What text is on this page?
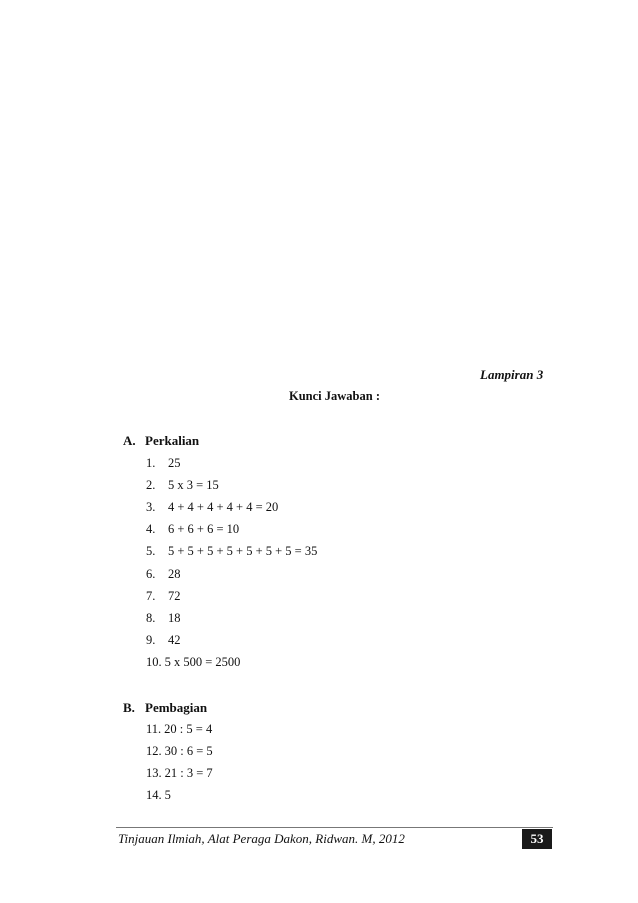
Lampiran 3
Kunci Jawaban :
A. Perkalian
1. 25
2. 5 x 3 = 15
3. 4 + 4 + 4 + 4 + 4 = 20
4. 6 + 6 + 6 = 10
5. 5 + 5 + 5 + 5 + 5 + 5 + 5 = 35
6. 28
7. 72
8. 18
9. 42
10. 5 x 500 = 2500
B. Pembagian
11. 20 : 5 = 4
12. 30 : 6 = 5
13. 21 : 3 = 7
14. 5
Tinjauan Ilmiah, Alat Peraga Dakon, Ridwan. M, 2012	53
